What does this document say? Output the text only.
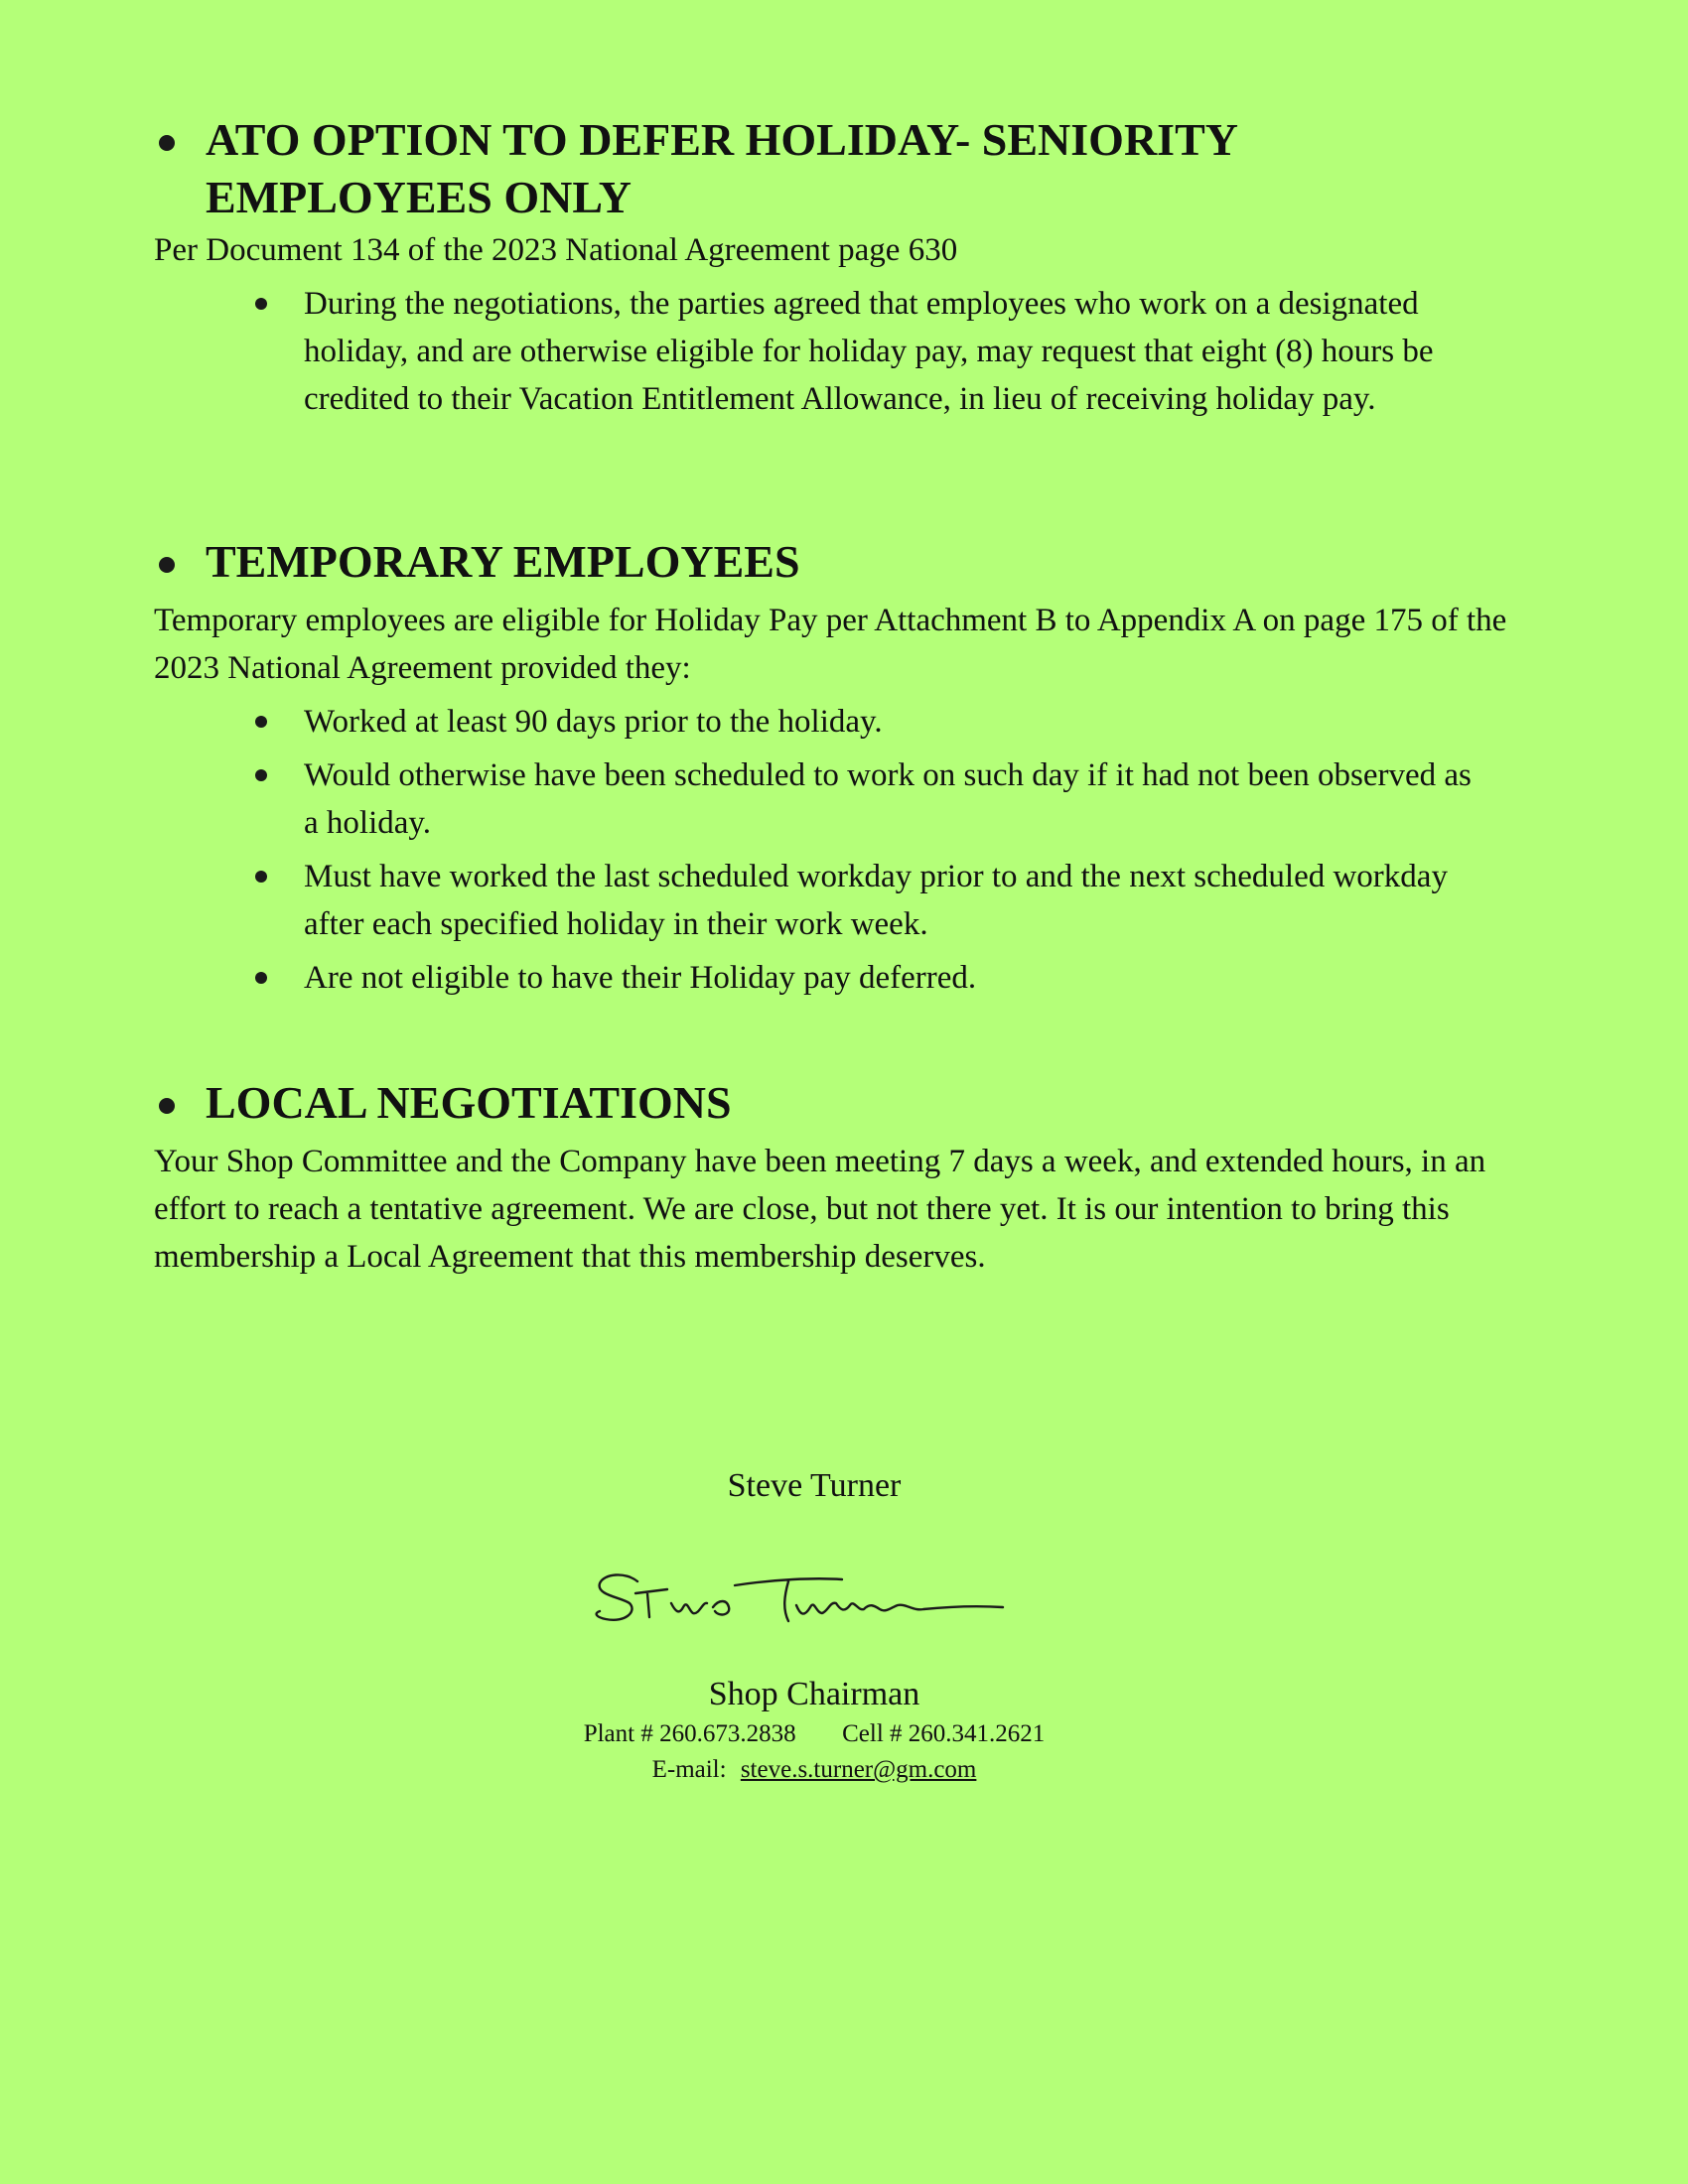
ATO OPTION TO DEFER HOLIDAY- SENIORITY
EMPLOYEES ONLY

Per Document 134 of the 2023 National Agreement page 630

During the negotiations, the parties agreed that employees who work on a designated holiday, and are otherwise eligible for holiday pay, may request that eight (8) hours be credited to their Vacation Entitlement Allowance, in lieu of receiving holiday pay.
TEMPORARY EMPLOYEES

Temporary employees are eligible for Holiday Pay per Attachment B to Appendix A on page 175 of the 2023 National Agreement provided they:

Worked at least 90 days prior to the holiday.
Would otherwise have been scheduled to work on such day if it had not been observed as a holiday.
Must have worked the last scheduled workday prior to and the next scheduled workday after each specified holiday in their work week.
Are not eligible to have their Holiday pay deferred.
LOCAL NEGOTIATIONS

Your Shop Committee and the Company have been meeting 7 days a week, and extended hours, in an effort to reach a tentative agreement. We are close, but not there yet. It is our intention to bring this membership a Local Agreement that this membership deserves.

Steve Turner
Shop Chairman
Plant # 260.673.2838 Cell # 260.341.2621
E-mail: steve.s.turner@gm.com
